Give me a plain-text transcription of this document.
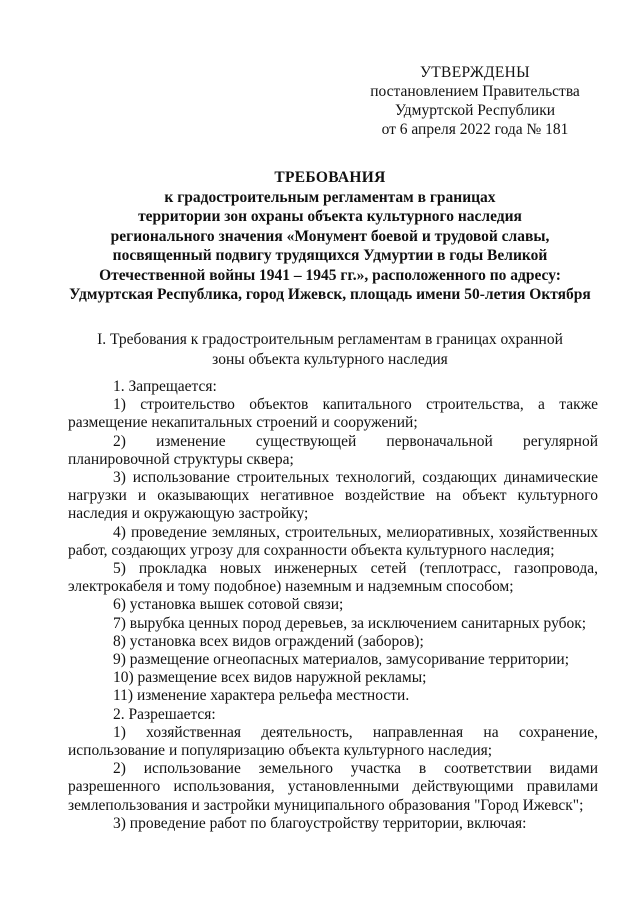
УТВЕРЖДЕНЫ
постановлением Правительства
Удмуртской Республики
от 6 апреля 2022 года № 181
ТРЕБОВАНИЯ
к градостроительным регламентам в границах
территории зон охраны объекта культурного наследия
регионального значения «Монумент боевой и трудовой славы,
посвященный подвигу трудящихся Удмуртии в годы Великой
Отечественной войны 1941 – 1945 гг.», расположенного по адресу:
Удмуртская Республика, город Ижевск, площадь имени 50-летия Октября
I. Требования к градостроительным регламентам в границах охранной
зоны объекта культурного наследия

1. Запрещается:

1) строительство объектов капитального строительства, а также размещение некапитальных строений и сооружений;

2) изменение существующей первоначальной регулярной планировочной структуры сквера;

3) использование строительных технологий, создающих динамические нагрузки и оказывающих негативное воздействие на объект культурного наследия и окружающую застройку;

4) проведение земляных, строительных, мелиоративных, хозяйственных работ, создающих угрозу для сохранности объекта культурного наследия;

5) прокладка новых инженерных сетей (теплотрасс, газопровода, электрокабеля и тому подобное) наземным и надземным способом;

6) установка вышек сотовой связи;

7) вырубка ценных пород деревьев, за исключением санитарных рубок;

8) установка всех видов ограждений (заборов);

9) размещение огнеопасных материалов, замусоривание территории;

10) размещение всех видов наружной рекламы;

11) изменение характера рельефа местности.

2. Разрешается:

1) хозяйственная деятельность, направленная на сохранение, использование и популяризацию объекта культурного наследия;

2) использование земельного участка в соответствии видами разрешенного использования, установленными действующими правилами землепользования и застройки муниципального образования "Город Ижевск";

3) проведение работ по благоустройству территории, включая:
